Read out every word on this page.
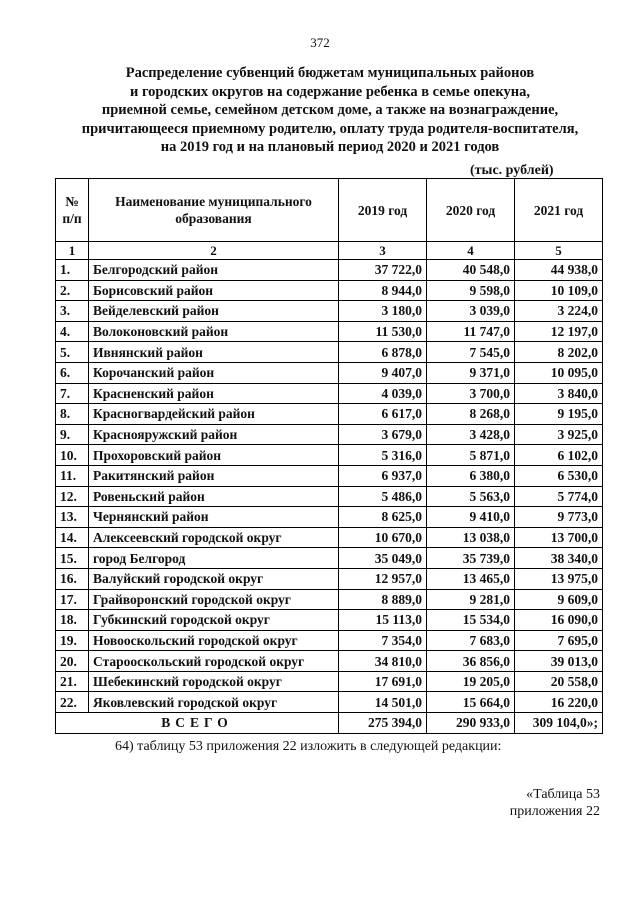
372
Распределение субвенций бюджетам муниципальных районов
и городских округов на содержание ребенка в семье опекуна,
приемной семье, семейном детском доме, а также на вознаграждение,
причитающееся приемному родителю, оплату труда родителя-воспитателя,
на 2019 год и на плановый период 2020 и 2021 годов
(тыс. рублей)
№ п/п	Наименование муниципального образования	2019 год	2020 год	2021 год
1	2	3	4	5
1.	Белгородский район	37 722,0	40 548,0	44 938,0
2.	Борисовский район	8 944,0	9 598,0	10 109,0
3.	Вейделевский район	3 180,0	3 039,0	3 224,0
4.	Волоконовский район	11 530,0	11 747,0	12 197,0
5.	Ивнянский район	6 878,0	7 545,0	8 202,0
6.	Корочанский район	9 407,0	9 371,0	10 095,0
7.	Красненский район	4 039,0	3 700,0	3 840,0
8.	Красногвардейский район	6 617,0	8 268,0	9 195,0
9.	Краснояружский район	3 679,0	3 428,0	3 925,0
10.	Прохоровский район	5 316,0	5 871,0	6 102,0
11.	Ракитянский район	6 937,0	6 380,0	6 530,0
12.	Ровеньский район	5 486,0	5 563,0	5 774,0
13.	Чернянский район	8 625,0	9 410,0	9 773,0
14.	Алексеевский городской округ	10 670,0	13 038,0	13 700,0
15.	город Белгород	35 049,0	35 739,0	38 340,0
16.	Валуйский городской округ	12 957,0	13 465,0	13 975,0
17.	Грайворонский городской округ	8 889,0	9 281,0	9 609,0
18.	Губкинский городской округ	15 113,0	15 534,0	16 090,0
19.	Новооскольский городской округ	7 354,0	7 683,0	7 695,0
20.	Старооскольский городской округ	34 810,0	36 856,0	39 013,0
21.	Шебекинский городской округ	17 691,0	19 205,0	20 558,0
22.	Яковлевский городской округ	14 501,0	15 664,0	16 220,0
ВСЕГО		275 394,0	290 933,0	309 104,0»;
64) таблицу 53 приложения 22 изложить в следующей редакции:
«Таблица 53
приложения 22
